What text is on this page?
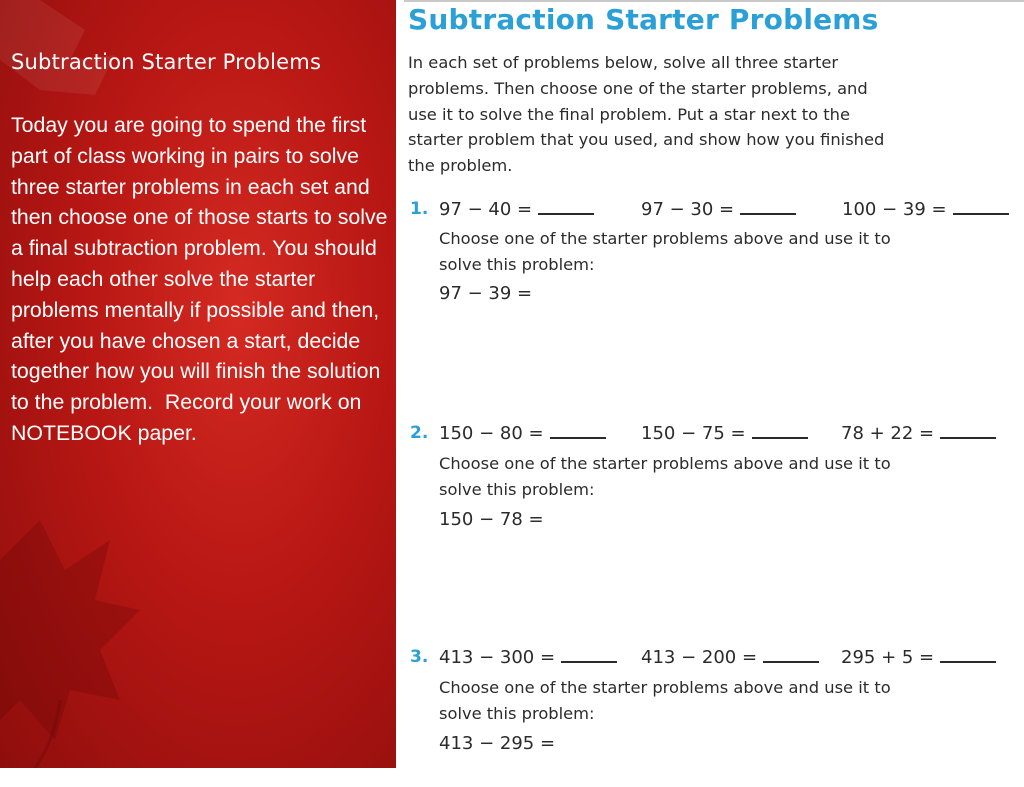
Subtraction Starter Problems

Today you are going to spend the first part of class working in pairs to solve three starter problems in each set and then choose one of those starts to solve a final subtraction problem. You should help each other solve the starter problems mentally if possible and then, after you have chosen a start, decide together how you will finish the solution to the problem.  Record your work on NOTEBOOK paper.

Subtraction Starter Problems

In each set of problems below, solve all three starter problems. Then choose one of the starter problems, and use it to solve the final problem. Put a star next to the starter problem that you used, and show how you finished the problem.

1. 97 − 40 =	97 − 30 =	100 − 39 =
Choose one of the starter problems above and use it to
solve this problem:
97 − 39 =
2. 150 − 80 =	150 − 75 =	78 + 22 =
Choose one of the starter problems above and use it to
solve this problem:
150 − 78 =
3. 413 − 300 =	413 − 200 =	295 + 5 =
Choose one of the starter problems above and use it to
solve this problem:
413 − 295 =
